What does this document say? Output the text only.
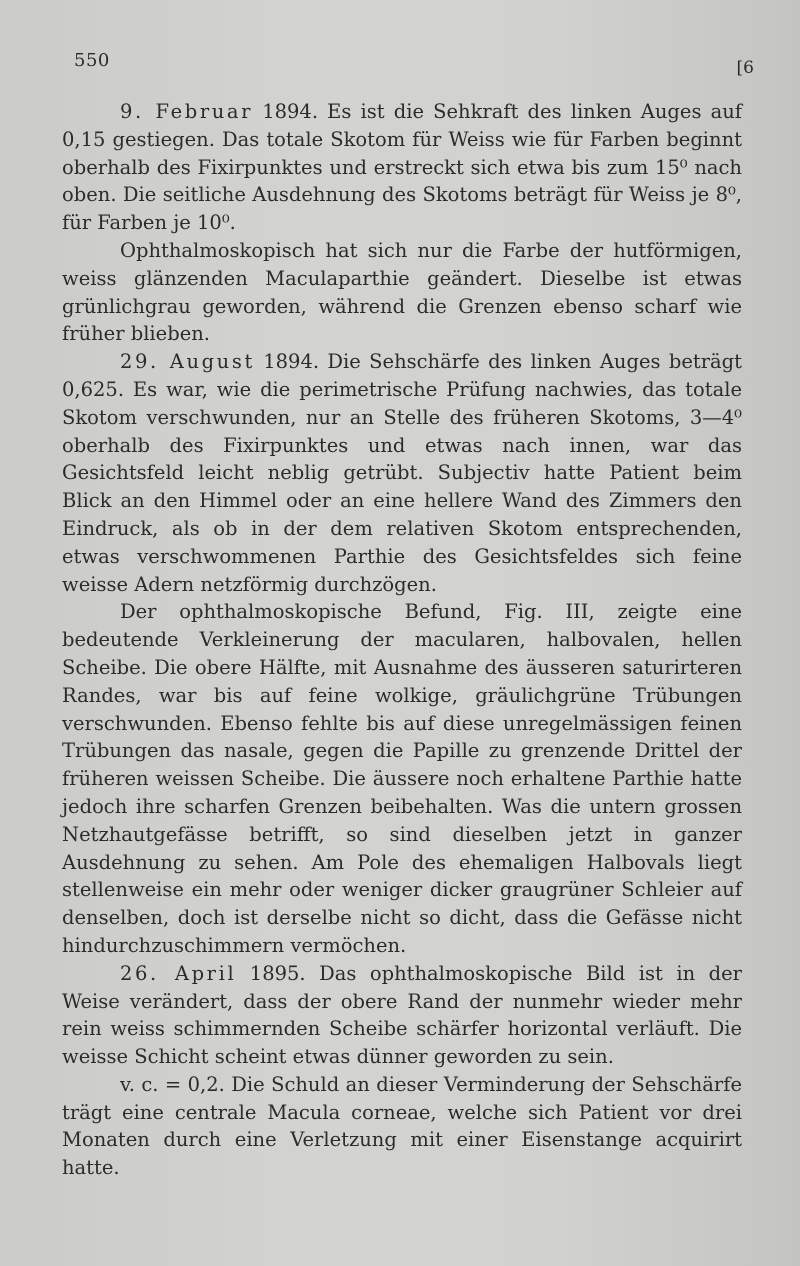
550	[6

9. Februar 1894. Es ist die Sehkraft des linken Auges auf 0,15 gestiegen. Das totale Skotom für Weiss wie für Farben beginnt oberhalb des Fixirpunktes und erstreckt sich etwa bis zum 15⁰ nach oben. Die seitliche Ausdehnung des Skotoms beträgt für Weiss je 8⁰, für Farben je 10⁰.

Ophthalmoskopisch hat sich nur die Farbe der hutförmigen, weiss glänzenden Maculaparthie geändert. Dieselbe ist etwas grünlichgrau geworden, während die Grenzen ebenso scharf wie früher blieben.

29. August 1894. Die Sehschärfe des linken Auges beträgt 0,625. Es war, wie die perimetrische Prüfung nachwies, das totale Skotom verschwunden, nur an Stelle des früheren Skotoms, 3—4⁰ oberhalb des Fixirpunktes und etwas nach innen, war das Gesichtsfeld leicht neblig getrübt. Subjectiv hatte Patient beim Blick an den Himmel oder an eine hellere Wand des Zimmers den Eindruck, als ob in der dem relativen Skotom entsprechenden, etwas verschwommenen Parthie des Gesichtsfeldes sich feine weisse Adern netzförmig durchzögen.

Der ophthalmoskopische Befund, Fig. III, zeigte eine bedeutende Verkleinerung der macularen, halbovalen, hellen Scheibe. Die obere Hälfte, mit Ausnahme des äusseren saturirteren Randes, war bis auf feine wolkige, gräulichgrüne Trübungen verschwunden. Ebenso fehlte bis auf diese unregelmässigen feinen Trübungen das nasale, gegen die Papille zu grenzende Drittel der früheren weissen Scheibe. Die äussere noch erhaltene Parthie hatte jedoch ihre scharfen Grenzen beibehalten. Was die untern grossen Netzhautgefässe betrifft, so sind dieselben jetzt in ganzer Ausdehnung zu sehen. Am Pole des ehemaligen Halbovals liegt stellenweise ein mehr oder weniger dicker graugrüner Schleier auf denselben, doch ist derselbe nicht so dicht, dass die Gefässe nicht hindurchzuschimmern vermöchen.

26. April 1895. Das ophthalmoskopische Bild ist in der Weise verändert, dass der obere Rand der nunmehr wieder mehr rein weiss schimmernden Scheibe schärfer horizontal verläuft. Die weisse Schicht scheint etwas dünner geworden zu sein.

v. c. = 0,2. Die Schuld an dieser Verminderung der Sehschärfe trägt eine centrale Macula corneae, welche sich Patient vor drei Monaten durch eine Verletzung mit einer Eisenstange acquirirt hatte.
